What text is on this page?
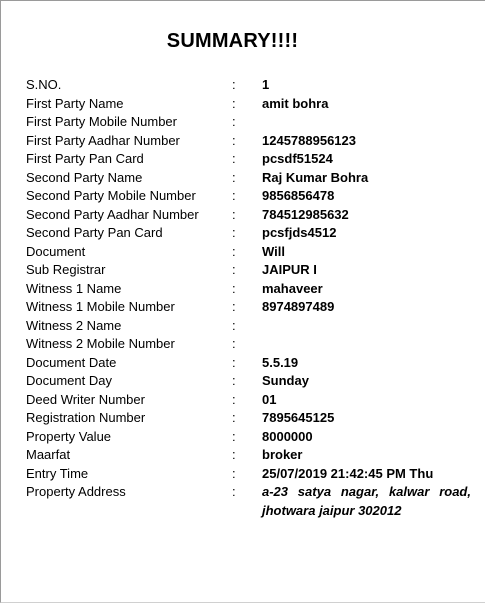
SUMMARY!!!!
S.NO.	:	1
First Party Name	:	amit bohra
First Party Mobile Number	:	
First Party Aadhar Number	:	1245788956123
First Party Pan Card	:	pcsdf51524
Second Party Name	:	Raj Kumar Bohra
Second Party Mobile Number	:	9856856478
Second Party Aadhar Number	:	784512985632
Second Party Pan Card	:	pcsfjds4512
Document	:	Will
Sub Registrar	:	JAIPUR I
Witness 1 Name	:	mahaveer
Witness 1 Mobile Number	:	8974897489
Witness 2 Name	:	
Witness 2 Mobile Number	:	
Document Date	:	5.5.19
Document Day	:	Sunday
Deed Writer Number	:	01
Registration Number	:	7895645125
Property Value	:	8000000
Maarfat	:	broker
Entry Time	:	25/07/2019 21:42:45 PM Thu
Property Address	:	a-23 satya nagar, kalwar road, jhotwara jaipur 302012
